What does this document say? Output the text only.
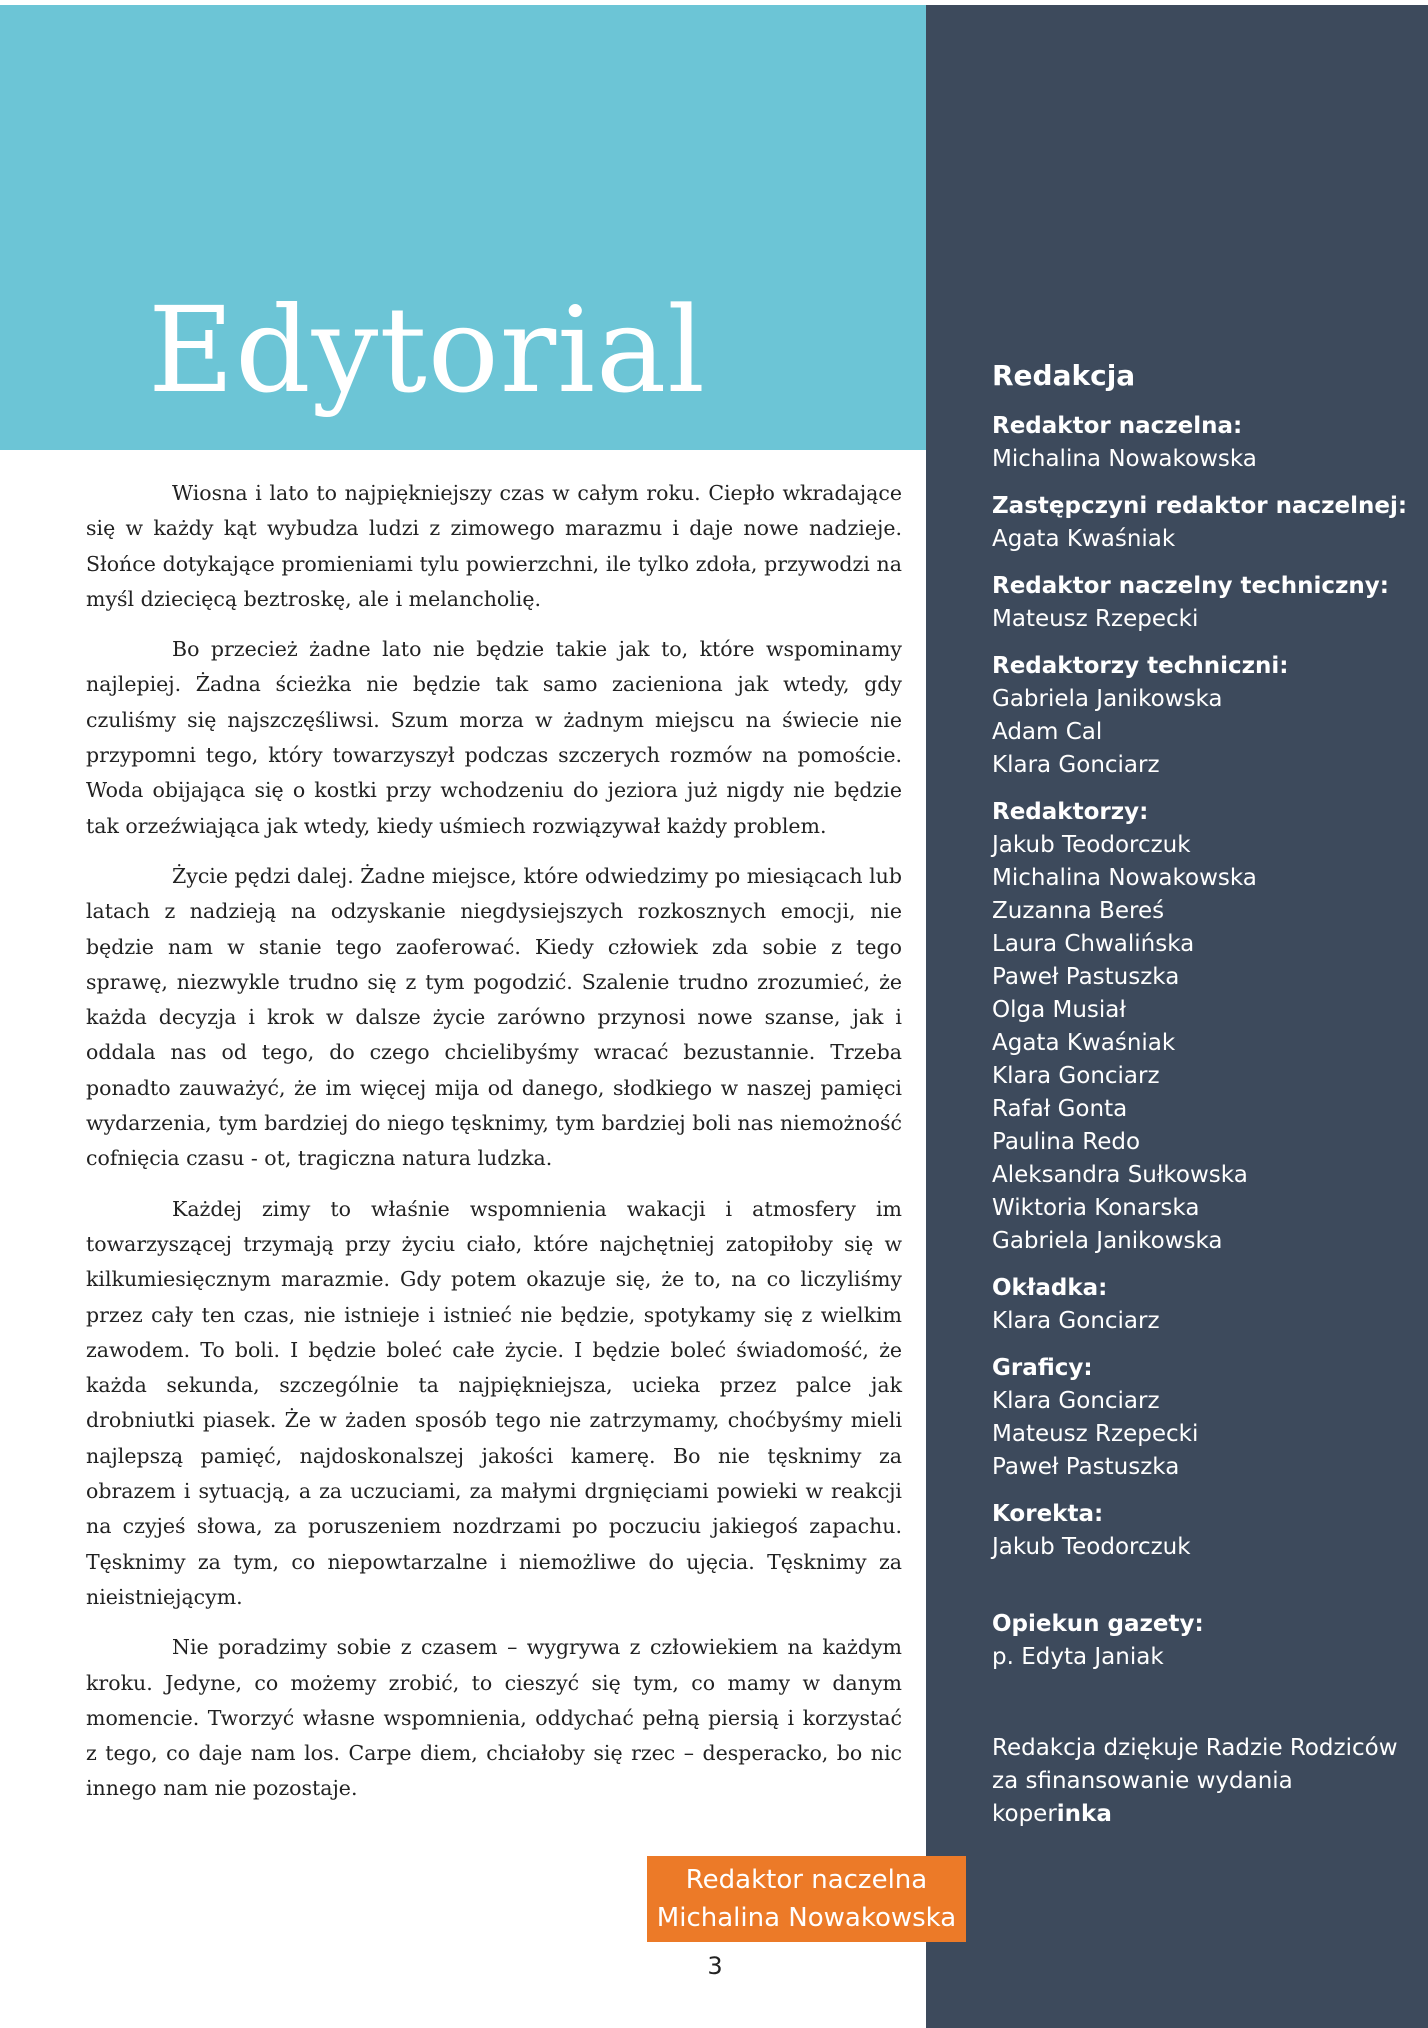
Edytorial	Redakcja
Redaktor naczelna:
Michalina Nowakowska
Zastępczyni redaktor naczelnej:
Agata Kwaśniak
Redaktor naczelny techniczny:
Mateusz Rzepecki
Redaktorzy techniczni:
Gabriela Janikowska
Adam Cal
Klara Gonciarz
Redaktorzy:
Jakub Teodorczuk
Michalina Nowakowska
Zuzanna Bereś
Laura Chwalińska
Paweł Pastuszka
Olga Musiał
Agata Kwaśniak
Klara Gonciarz
Rafał Gonta
Paulina Redo
Aleksandra Sułkowska
Wiktoria Konarska
Gabriela Janikowska
Okładka:
Klara Gonciarz
Graficy:
Klara Gonciarz
Mateusz Rzepecki
Paweł Pastuszka
Korekta:
Jakub Teodorczuk
Opiekun gazety:
p. Edyta Janiak
Redakcja dziękuje Radzie Rodziców
za sfinansowanie wydania koperinka

Wiosna i lato to najpiękniejszy czas w całym roku. Ciepło wkradające się w każdy kąt wybudza ludzi z zimowego marazmu i daje nowe nadzieje. Słońce dotykające promieniami tylu powierzchni, ile tylko zdoła, przywodzi na myśl dziecięcą beztroskę, ale i melancholię.

Bo przecież żadne lato nie będzie takie jak to, które wspominamy najlepiej. Żadna ścieżka nie będzie tak samo zacieniona jak wtedy, gdy czuliśmy się najszczęśliwsi. Szum morza w żadnym miejscu na świecie nie przypomni tego, który towarzyszył podczas szczerych rozmów na pomoście. Woda obijająca się o kostki przy wchodzeniu do jeziora już nigdy nie będzie tak orzeźwiająca jak wtedy, kiedy uśmiech rozwiązywał każdy problem.

Życie pędzi dalej. Żadne miejsce, które odwiedzimy po miesiącach lub latach z nadzieją na odzyskanie niegdysiejszych rozkosznych emocji, nie będzie nam w stanie tego zaoferować. Kiedy człowiek zda sobie z tego sprawę, niezwykle trudno się z tym pogodzić. Szalenie trudno zrozumieć, że każda decyzja i krok w dalsze życie zarówno przynosi nowe szanse, jak i oddala nas od tego, do czego chcielibyśmy wracać bezustannie. Trzeba ponadto zauważyć, że im więcej mija od danego, słodkiego w naszej pamięci wydarzenia, tym bardziej do niego tęsknimy, tym bardziej boli nas niemożność cofnięcia czasu - ot, tragiczna natura ludzka.

Każdej zimy to właśnie wspomnienia wakacji i atmosfery im towarzyszącej trzymają przy życiu ciało, które najchętniej zatopiłoby się w kilkumiesięcznym marazmie. Gdy potem okazuje się, że to, na co liczyliśmy przez cały ten czas, nie istnieje i istnieć nie będzie, spotykamy się z wielkim zawodem. To boli. I będzie boleć całe życie. I będzie boleć świadomość, że każda sekunda, szczególnie ta najpiękniejsza, ucieka przez palce jak drobniutki piasek. Że w żaden sposób tego nie zatrzymamy, choćbyśmy mieli najlepszą pamięć, najdoskonalszej jakości kamerę. Bo nie tęsknimy za obrazem i sytuacją, a za uczuciami, za małymi drgnięciami powieki w reakcji na czyjeś słowa, za poruszeniem nozdrzami po poczuciu jakiegoś zapachu. Tęsknimy za tym, co niepowtarzalne i niemożliwe do ujęcia. Tęsknimy za nieistniejącym.

Nie poradzimy sobie z czasem – wygrywa z człowiekiem na każdym kroku. Jedyne, co możemy zrobić, to cieszyć się tym, co mamy w danym momencie. Tworzyć własne wspomnienia, oddychać pełną piersią i korzystać z tego, co daje nam los. Carpe diem, chciałoby się rzec – desperacko, bo nic innego nam nie pozostaje.

Redaktor naczelna
Michalina Nowakowska
3
